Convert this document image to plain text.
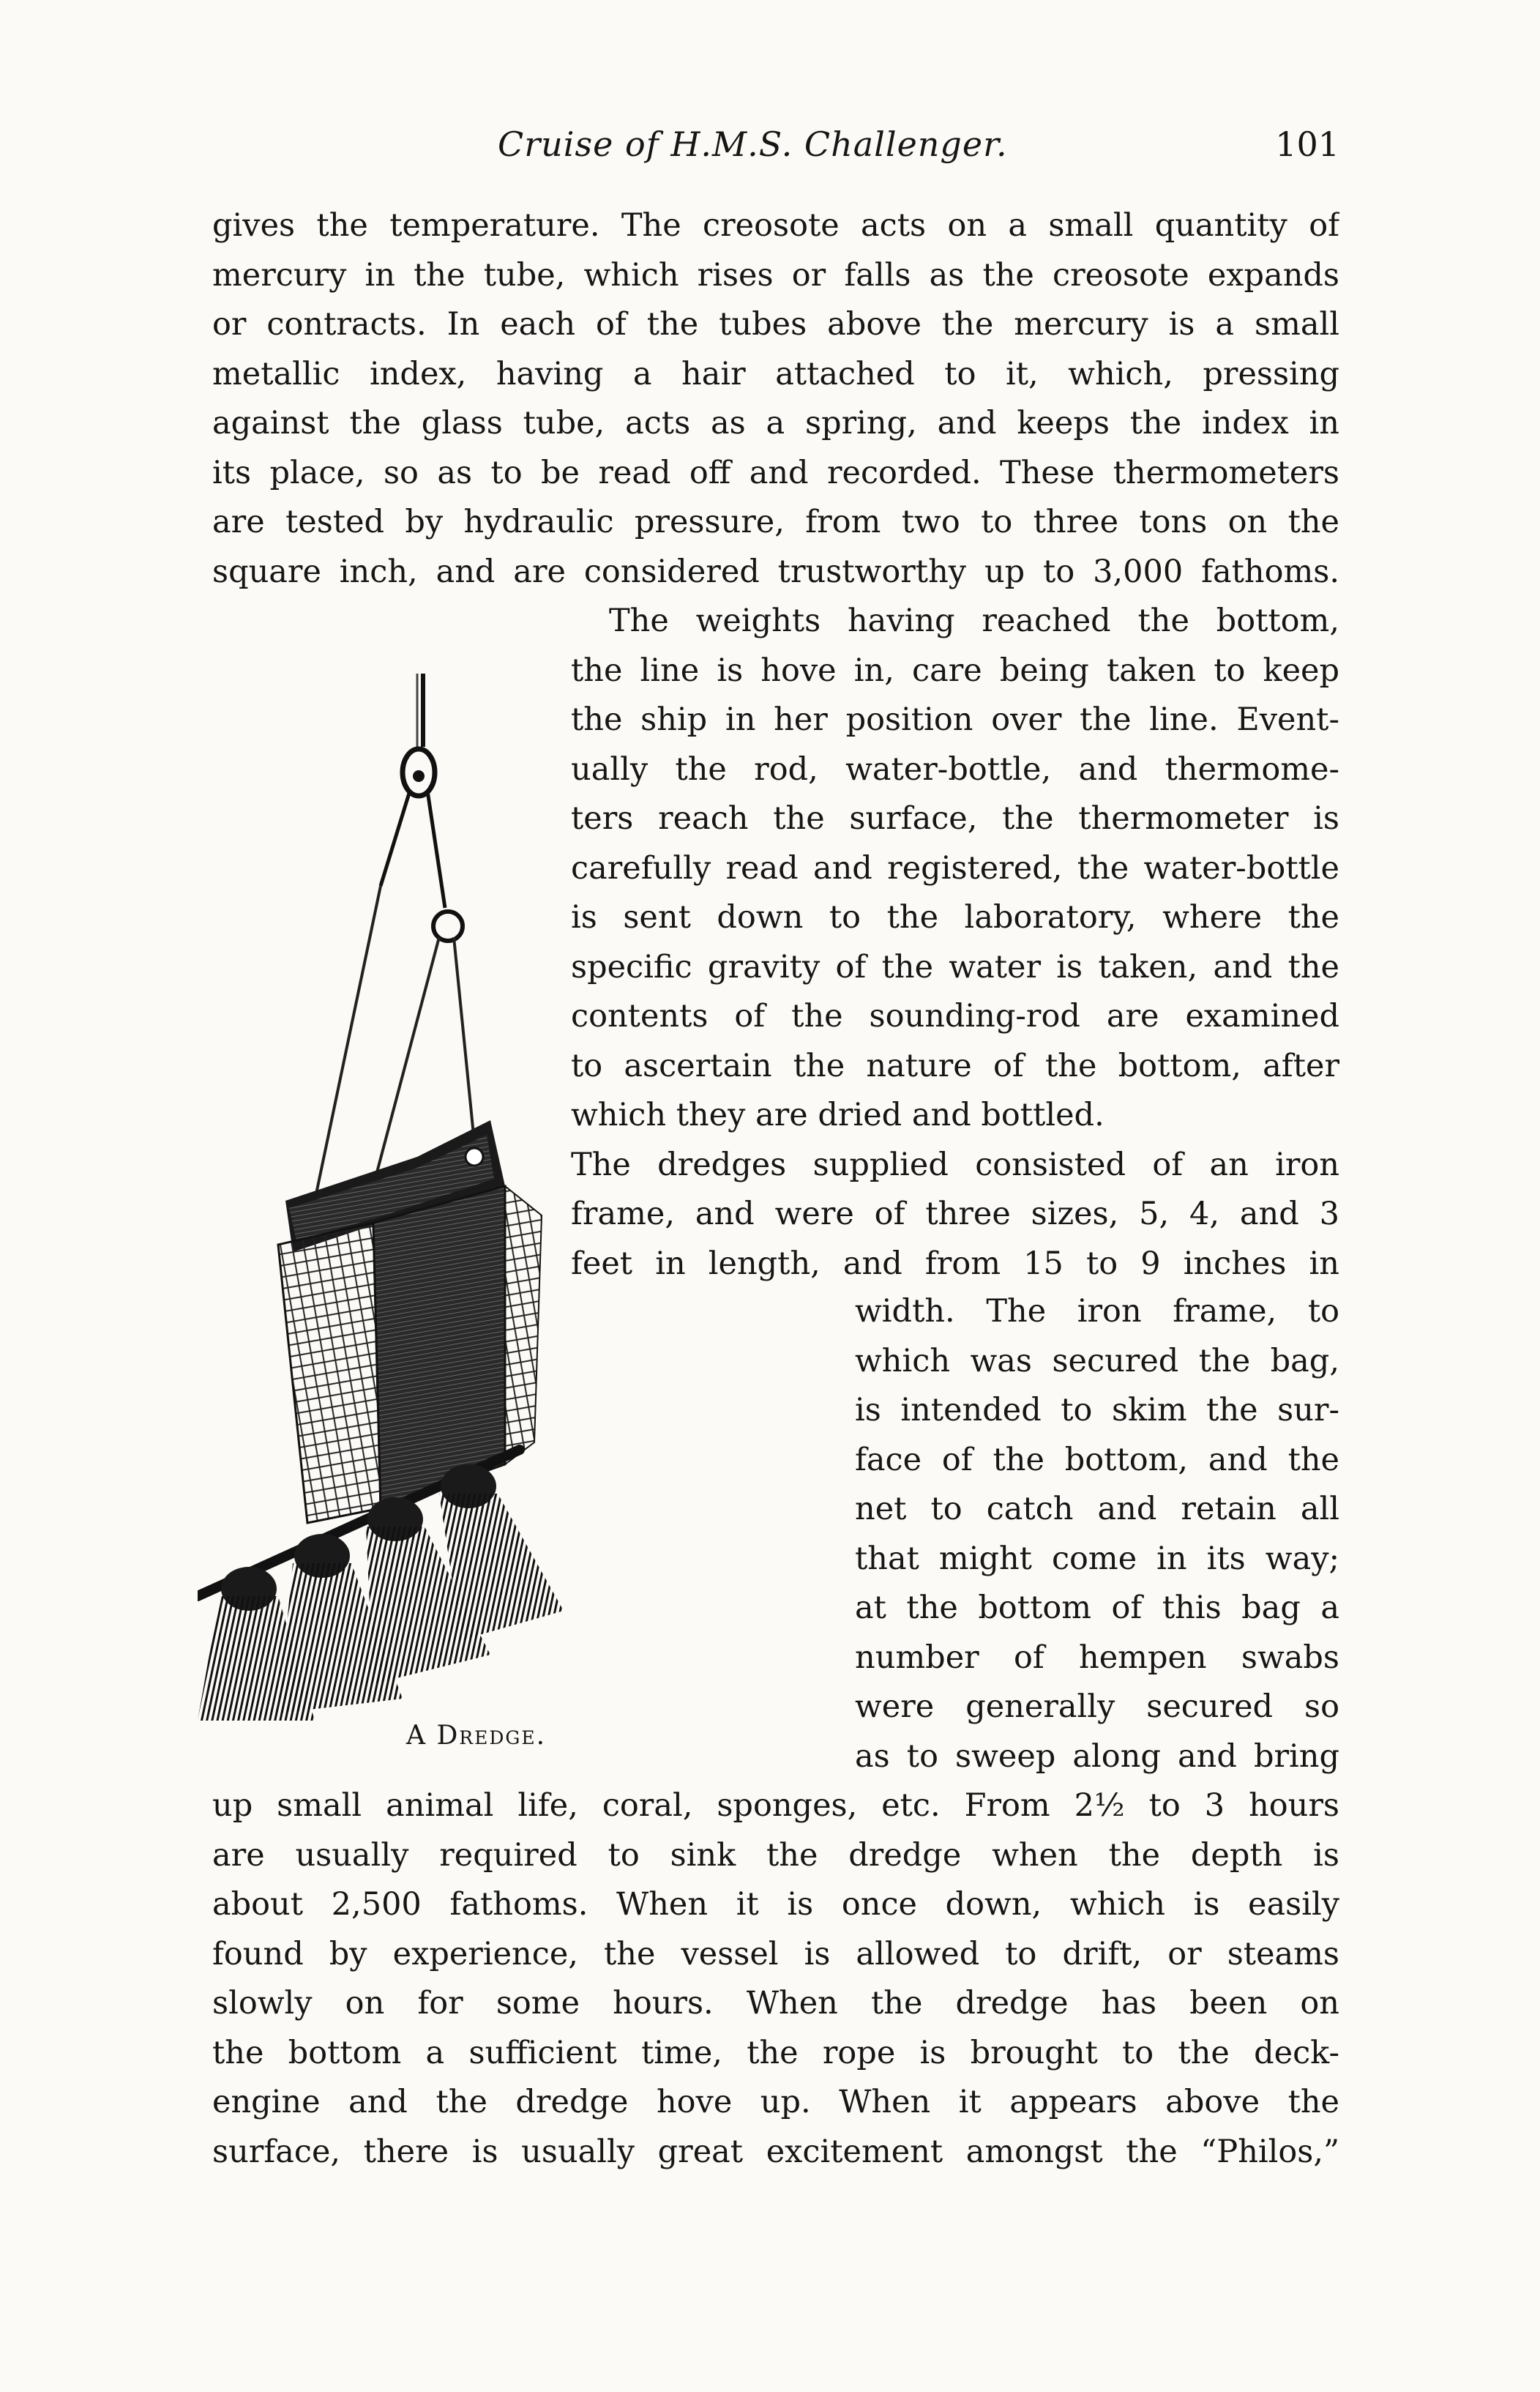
Cruise of H.M.S. Challenger.	101
gives the temperature. The creosote acts on a small quantity of
mercury in the tube, which rises or falls as the creosote expands
or contracts. In each of the tubes above the mercury is a small
metallic index, having a hair attached to it, which, pressing
against the glass tube, acts as a spring, and keeps the index in
its place, so as to be read off and recorded. These thermometers
are tested by hydraulic pressure, from two to three tons on the
square inch, and are considered trustworthy up to 3,000 fathoms.
The weights having reached the bottom,
the line is hove in, care being taken to keep
the ship in her position over the line. Event-
ually the rod, water-bottle, and thermome-
ters reach the surface, the thermometer is
carefully read and registered, the water-bottle
is sent down to the laboratory, where the
specific gravity of the water is taken, and the
contents of the sounding-rod are examined
to ascertain the nature of the bottom, after
which they are dried and bottled.
The dredges supplied consisted of an iron
frame, and were of three sizes, 5, 4, and 3
feet in length, and from 15 to 9 inches in
width. The iron frame, to
which was secured the bag,
is intended to skim the sur-
face of the bottom, and the
net to catch and retain all
that might come in its way;
at the bottom of this bag a
number of hempen swabs
were generally secured so
as to sweep along and bring
up small animal life, coral, sponges, etc. From 2½ to 3 hours
are usually required to sink the dredge when the depth is
about 2,500 fathoms. When it is once down, which is easily
found by experience, the vessel is allowed to drift, or steams
slowly on for some hours. When the dredge has been on
the bottom a sufficient time, the rope is brought to the deck-
engine and the dredge hove up. When it appears above the
surface, there is usually great excitement amongst the “Philos,”
A Dredge.
